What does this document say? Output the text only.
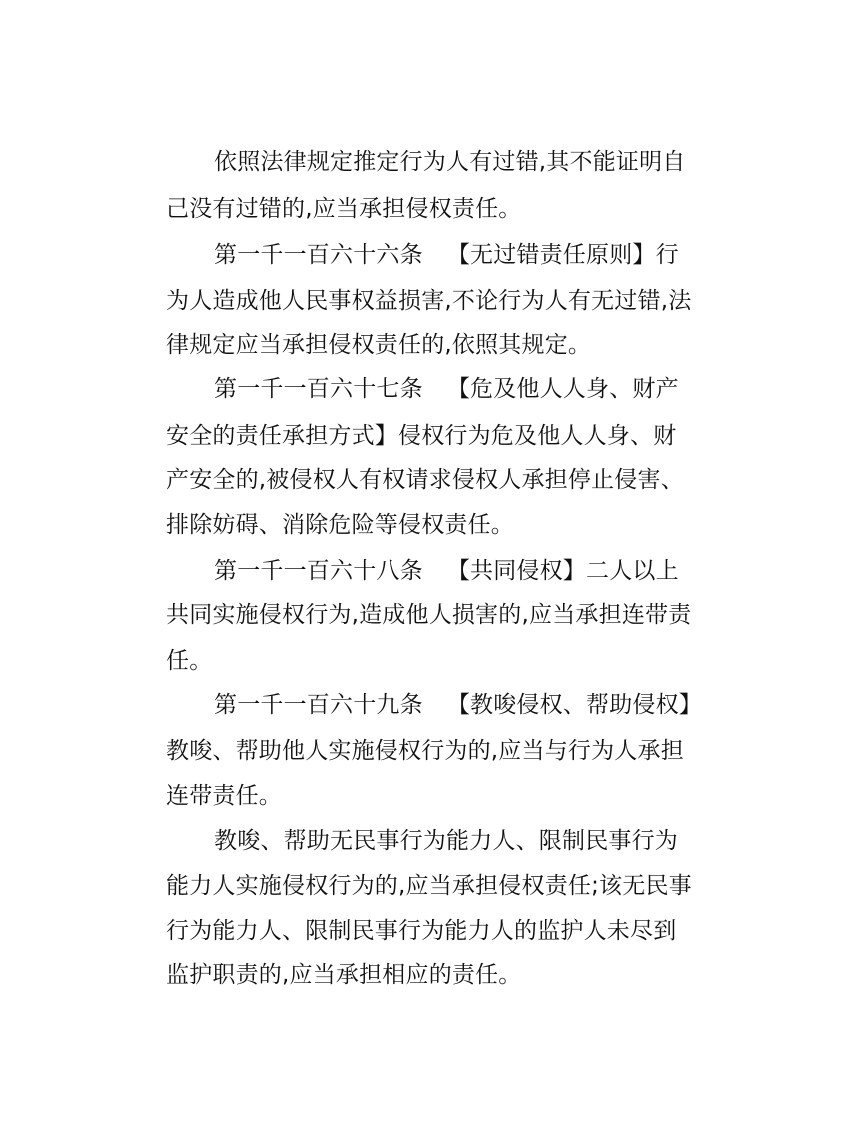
依照法律规定推定行为人有过错,其不能证明自
己没有过错的,应当承担侵权责任。
第一千一百六十六条 【无过错责任原则】行
为人造成他人民事权益损害,不论行为人有无过错,法
律规定应当承担侵权责任的,依照其规定。
第一千一百六十七条 【危及他人人身、财产
安全的责任承担方式】侵权行为危及他人人身、财
产安全的,被侵权人有权请求侵权人承担停止侵害、
排除妨碍、消除危险等侵权责任。
第一千一百六十八条 【共同侵权】二人以上
共同实施侵权行为,造成他人损害的,应当承担连带责
任。
第一千一百六十九条 【教唆侵权、帮助侵权】
教唆、帮助他人实施侵权行为的,应当与行为人承担
连带责任。
教唆、帮助无民事行为能力人、限制民事行为
能力人实施侵权行为的,应当承担侵权责任;该无民事
行为能力人、限制民事行为能力人的监护人未尽到
监护职责的,应当承担相应的责任。
